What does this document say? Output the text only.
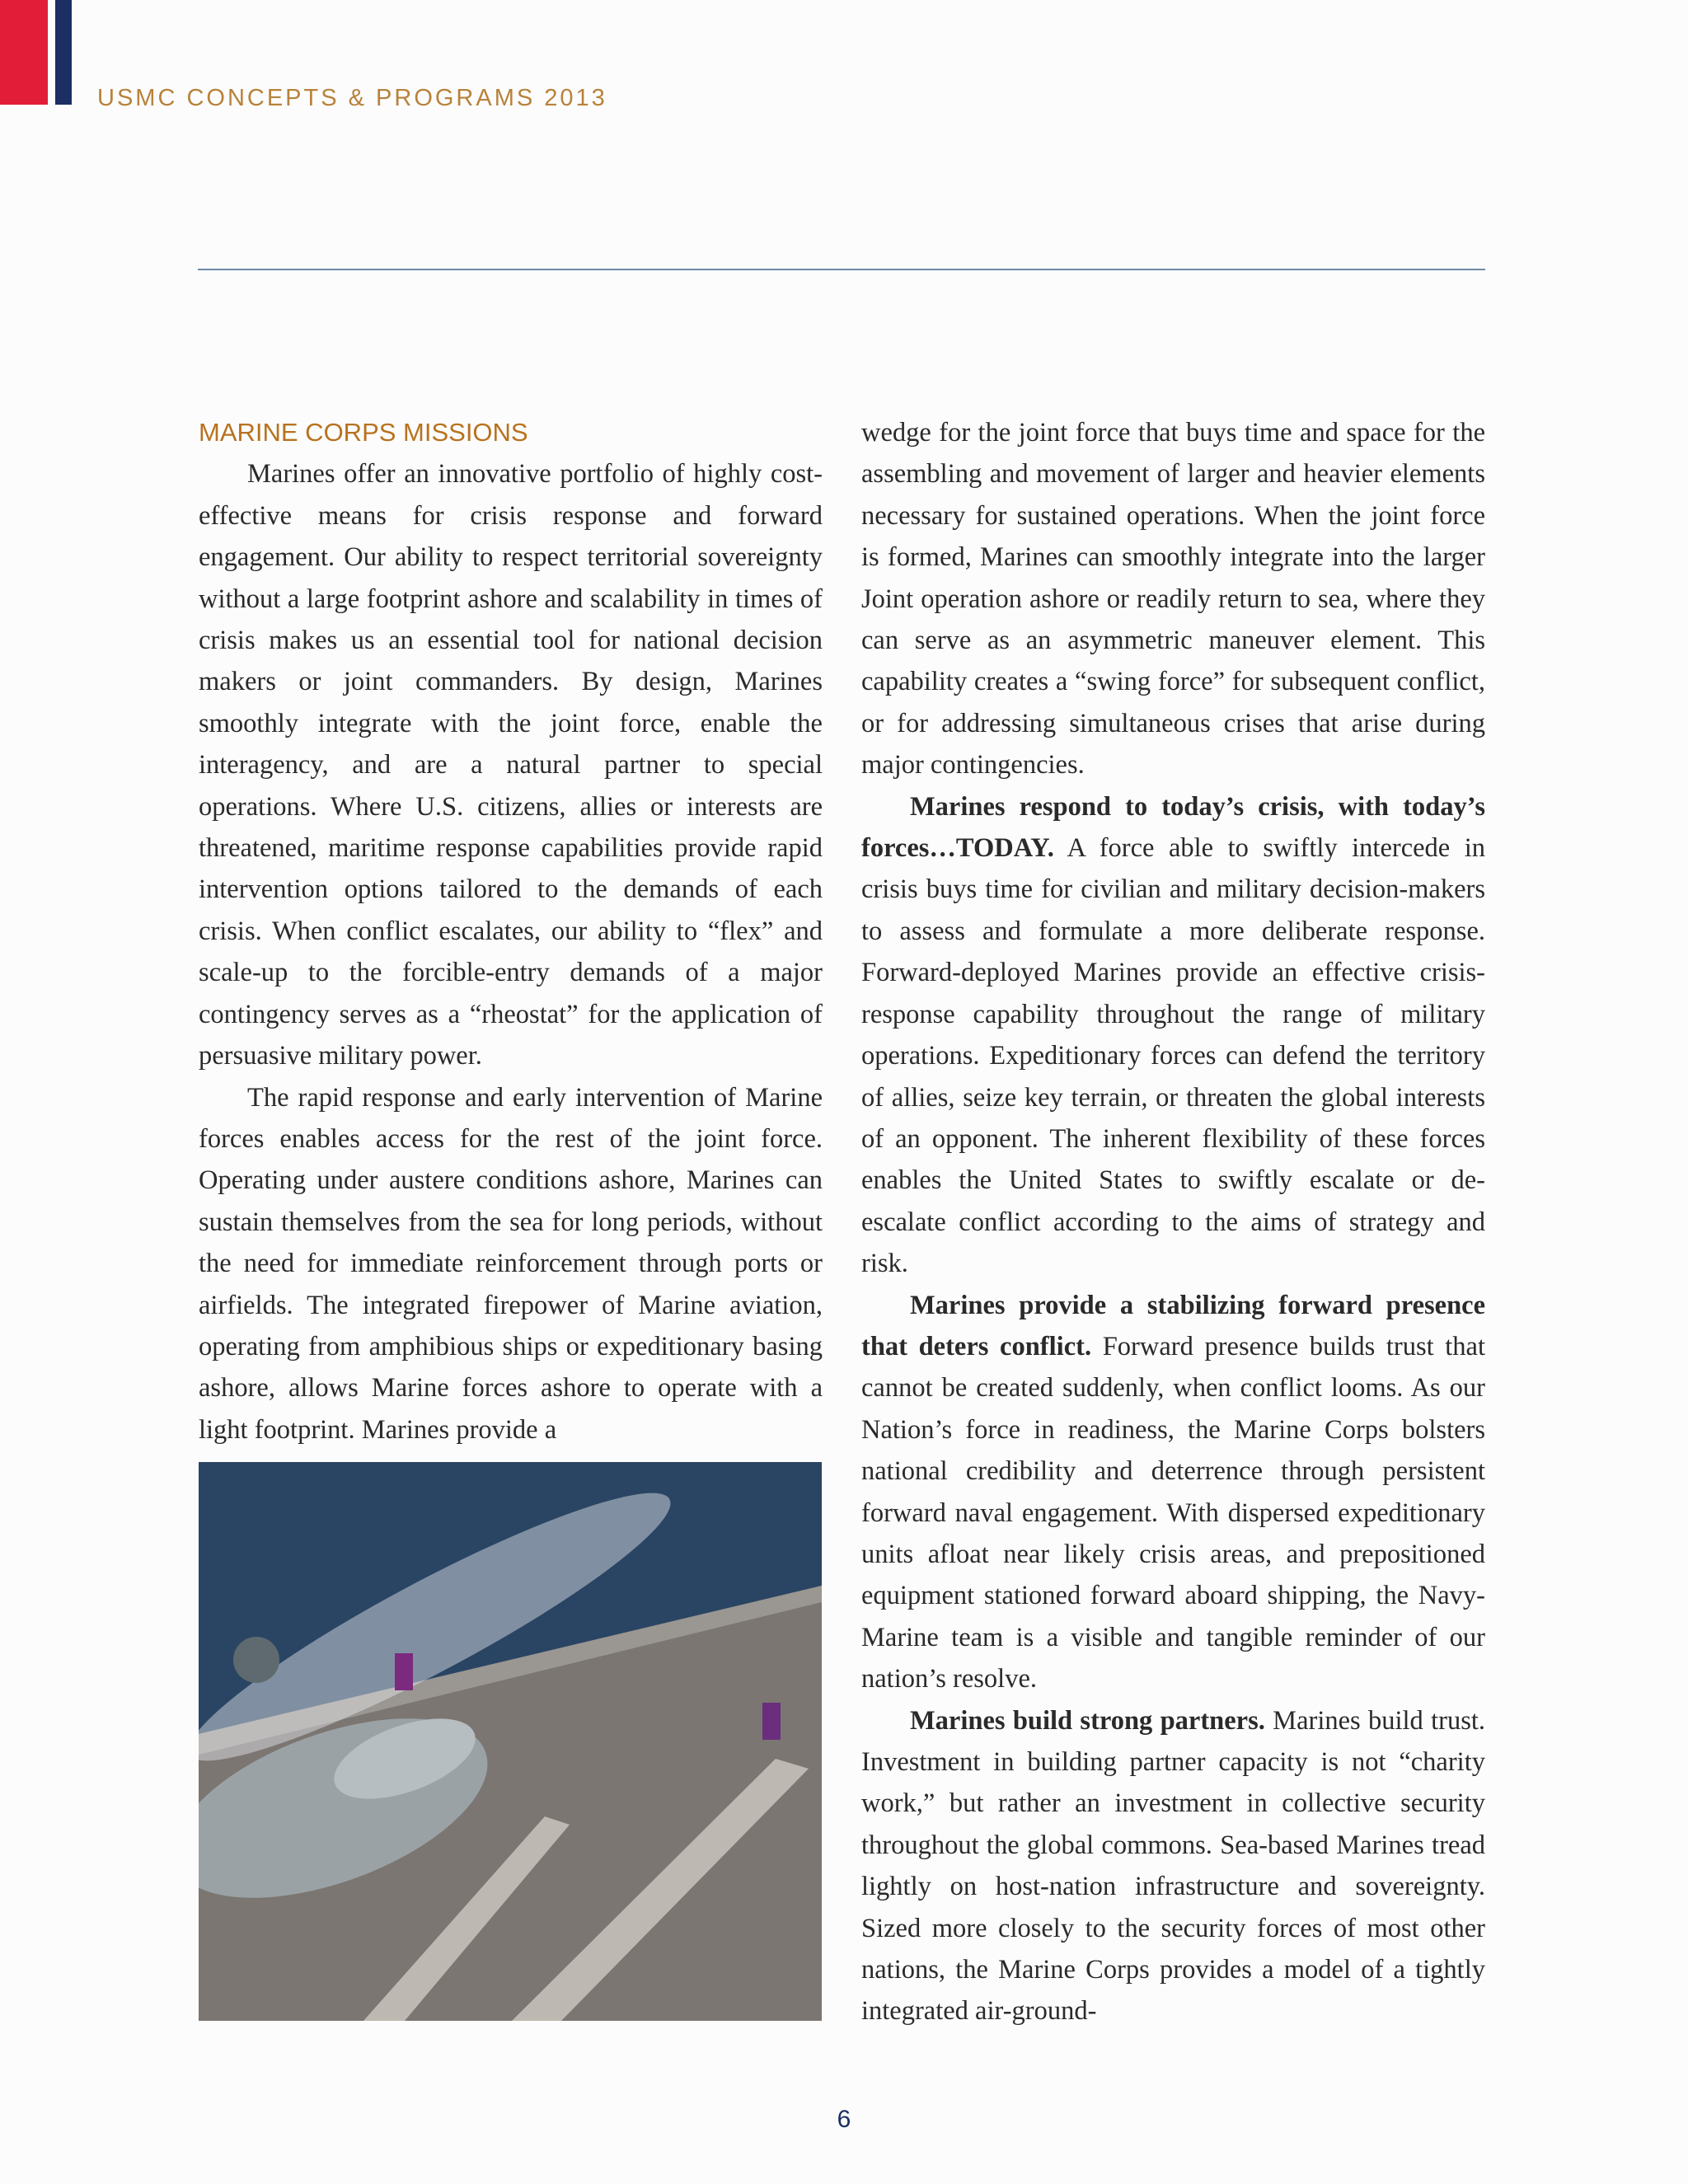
USMC CONCEPTS & PROGRAMS 2013
MARINE CORPS MISSIONS

Marines offer an innovative portfolio of highly cost-effective means for crisis response and forward engagement. Our ability to respect territorial sovereignty without a large footprint ashore and scalability in times of crisis makes us an essential tool for national decision makers or joint commanders. By design, Marines smoothly integrate with the joint force, enable the interagency, and are a natural partner to special operations. Where U.S. citizens, allies or interests are threatened, maritime response capabilities provide rapid intervention options tailored to the demands of each crisis. When conflict escalates, our ability to “flex” and scale-up to the forcible-entry demands of a major contingency serves as a “rheostat” for the application of persuasive military power.

The rapid response and early intervention of Marine forces enables access for the rest of the joint force. Operating under austere conditions ashore, Marines can sustain themselves from the sea for long periods, without the need for immediate reinforcement through ports or airfields. The integrated firepower of Marine aviation, operating from amphibious ships or expeditionary basing ashore, allows Marine forces ashore to operate with a light footprint. Marines provide a

wedge for the joint force that buys time and space for the assembling and movement of larger and heavier elements necessary for sustained operations. When the joint force is formed, Marines can smoothly integrate into the larger Joint operation ashore or readily return to sea, where they can serve as an asymmetric maneuver element. This capability creates a “swing force” for subsequent conflict, or for addressing simultaneous crises that arise during major contingencies.

Marines respond to today’s crisis, with today’s forces…TODAY. A force able to swiftly intercede in crisis buys time for civilian and military decision-makers to assess and formulate a more deliberate response. Forward-deployed Marines provide an effective crisis-response capability throughout the range of military operations. Expeditionary forces can defend the territory of allies, seize key terrain, or threaten the global interests of an opponent. The inherent flexibility of these forces enables the United States to swiftly escalate or de-escalate conflict according to the aims of strategy and risk.

Marines provide a stabilizing forward presence that deters conflict. Forward presence builds trust that cannot be created suddenly, when conflict looms. As our Nation’s force in readiness, the Marine Corps bolsters national credibility and deterrence through persistent forward naval engagement. With dispersed expeditionary units afloat near likely crisis areas, and prepositioned equipment stationed forward aboard shipping, the Navy-Marine team is a visible and tangible reminder of our nation’s resolve.

Marines build strong partners. Marines build trust. Investment in building partner capacity is not “charity work,” but rather an investment in collective security throughout the global commons. Sea-based Marines tread lightly on host-nation infrastructure and sovereignty. Sized more closely to the security forces of most other nations, the Marine Corps provides a model of a tightly integrated air-ground-

6
